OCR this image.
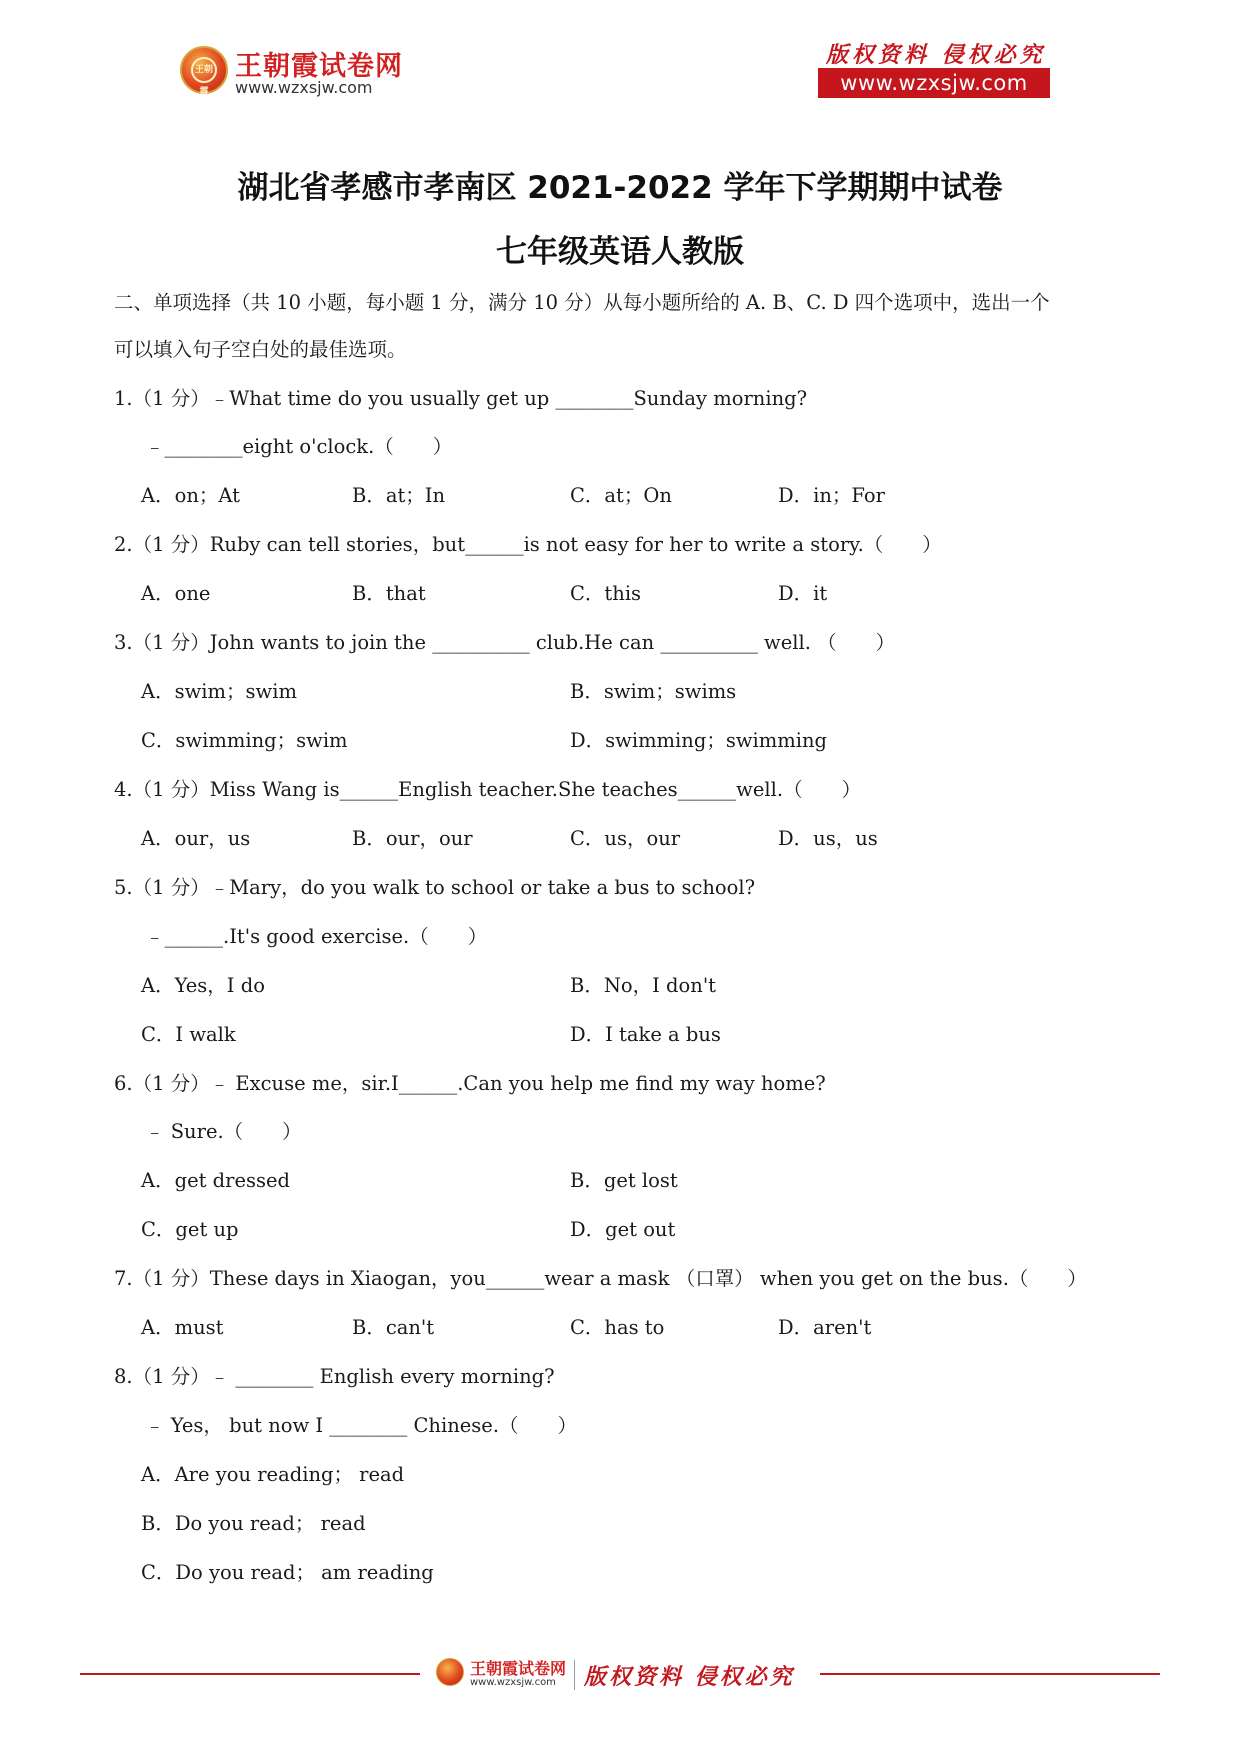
王朝霞
王朝霞试卷网
www.wzxsjw.com
版权资料 侵权必究
www.wzxsjw.com
湖北省孝感市孝南区 2021-2022 学年下学期期中试卷
七年级英语人教版
二、单项选择（共 10 小题，每小题 1 分，满分 10 分）从每小题所给的 A. B、C. D 四个选项中，选出一个
可以填入句子空白处的最佳选项。
1.（1 分）﹣What time do you usually get up ________Sunday morning?
﹣________eight o'clock.（　　）
A．on；At	B．at；In	C．at；On	D．in；For
2.（1 分）Ruby can tell stories，but______is not easy for her to write a story.（　　）
A．one	B．that	C．this	D．it
3.（1 分）John wants to join the __________ club.He can __________ well. （　　）
A．swim；swim	B．swim；swims
C．swimming；swim	D．swimming；swimming
4.（1 分）Miss Wang is______English teacher.She teaches______well.（　　）
A．our，us	B．our，our	C．us，our	D．us，us
5.（1 分）﹣Mary，do you walk to school or take a bus to school?
﹣______.It's good exercise.（　　）
A．Yes，I do	B．No，I don't
C．I walk	D．I take a bus
6.（1 分）﹣ Excuse me，sir.I______.Can you help me find my way home?
﹣ Sure.（　　）
A．get dressed	B．get lost
C．get up	D．get out
7.（1 分）These days in Xiaogan，you______wear a mask （口罩） when you get on the bus.（　　）
A．must	B．can't	C．has to	D．aren't
8.（1 分）﹣ ________ English every morning?
﹣ Yes， but now I ________ Chinese.（　　）
A．Are you reading； read
B．Do you read； read
C．Do you read； am reading
王朝霞试卷网
www.wzxsjw.com 版权资料 侵权必究
